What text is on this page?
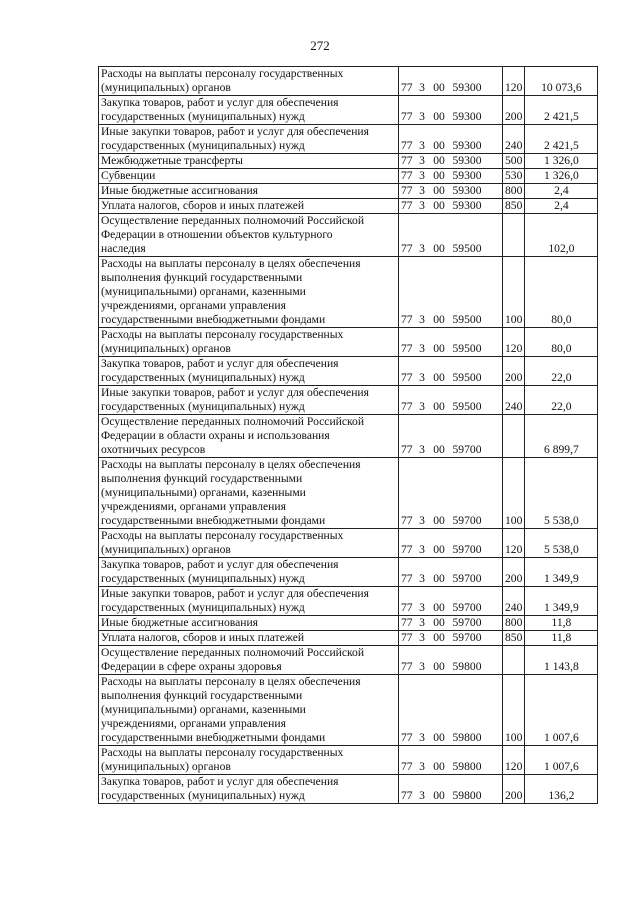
272
Расходы на выплаты персоналу государственных
(муниципальных) органов	77 3 00 59300	120	10 073,6
Закупка товаров, работ и услуг для обеспечения
государственных (муниципальных) нужд	77 3 00 59300	200	2 421,5
Иные закупки товаров, работ и услуг для обеспечения
государственных (муниципальных) нужд	77 3 00 59300	240	2 421,5
Межбюджетные трансферты	77 3 00 59300	500	1 326,0
Субвенции	77 3 00 59300	530	1 326,0
Иные бюджетные ассигнования	77 3 00 59300	800	2,4
Уплата налогов, сборов и иных платежей	77 3 00 59300	850	2,4
Осуществление переданных полномочий Российской
Федерации в отношении объектов культурного
наследия	77 3 00 59500		102,0
Расходы на выплаты персоналу в целях обеспечения
выполнения функций государственными
(муниципальными) органами, казенными
учреждениями, органами управления
государственными внебюджетными фондами	77 3 00 59500	100	80,0
Расходы на выплаты персоналу государственных
(муниципальных) органов	77 3 00 59500	120	80,0
Закупка товаров, работ и услуг для обеспечения
государственных (муниципальных) нужд	77 3 00 59500	200	22,0
Иные закупки товаров, работ и услуг для обеспечения
государственных (муниципальных) нужд	77 3 00 59500	240	22,0
Осуществление переданных полномочий Российской
Федерации в области охраны и использования
охотничьих ресурсов	77 3 00 59700		6 899,7
Расходы на выплаты персоналу в целях обеспечения
выполнения функций государственными
(муниципальными) органами, казенными
учреждениями, органами управления
государственными внебюджетными фондами	77 3 00 59700	100	5 538,0
Расходы на выплаты персоналу государственных
(муниципальных) органов	77 3 00 59700	120	5 538,0
Закупка товаров, работ и услуг для обеспечения
государственных (муниципальных) нужд	77 3 00 59700	200	1 349,9
Иные закупки товаров, работ и услуг для обеспечения
государственных (муниципальных) нужд	77 3 00 59700	240	1 349,9
Иные бюджетные ассигнования	77 3 00 59700	800	11,8
Уплата налогов, сборов и иных платежей	77 3 00 59700	850	11,8
Осуществление переданных полномочий Российской
Федерации в сфере охраны здоровья	77 3 00 59800		1 143,8
Расходы на выплаты персоналу в целях обеспечения
выполнения функций государственными
(муниципальными) органами, казенными
учреждениями, органами управления
государственными внебюджетными фондами	77 3 00 59800	100	1 007,6
Расходы на выплаты персоналу государственных
(муниципальных) органов	77 3 00 59800	120	1 007,6
Закупка товаров, работ и услуг для обеспечения
государственных (муниципальных) нужд	77 3 00 59800	200	136,2
